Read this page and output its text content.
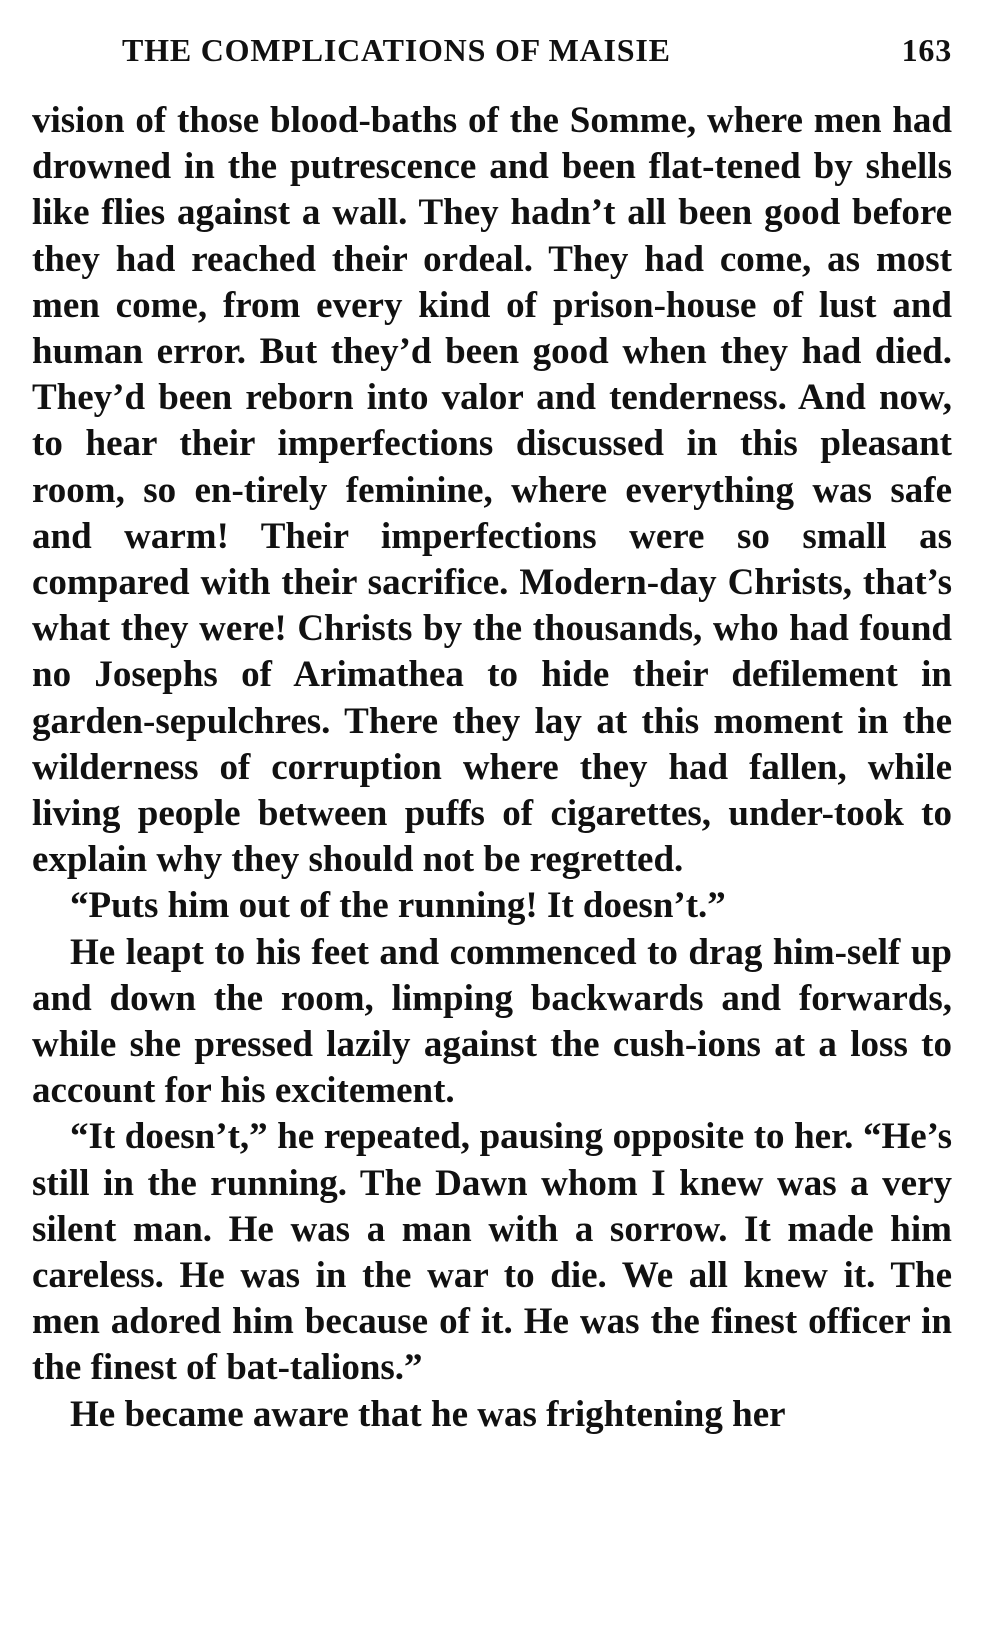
THE COMPLICATIONS OF MAISIE	163

vision of those blood-baths of the Somme, where men had drowned in the putrescence and been flat-tened by shells like flies against a wall. They hadn’t all been good before they had reached their ordeal. They had come, as most men come, from every kind of prison-house of lust and human error. But they’d been good when they had died. They’d been reborn into valor and tenderness. And now, to hear their imperfections discussed in this pleasant room, so en-tirely feminine, where everything was safe and warm! Their imperfections were so small as compared with their sacrifice. Modern-day Christs, that’s what they were! Christs by the thousands, who had found no Josephs of Arimathea to hide their defilement in garden-sepulchres. There they lay at this moment in the wilderness of corruption where they had fallen, while living people between puffs of cigarettes, under-took to explain why they should not be regretted.

“Puts him out of the running! It doesn’t.”

He leapt to his feet and commenced to drag him-self up and down the room, limping backwards and forwards, while she pressed lazily against the cush-ions at a loss to account for his excitement.

“It doesn’t,” he repeated, pausing opposite to her. “He’s still in the running. The Dawn whom I knew was a very silent man. He was a man with a sorrow. It made him careless. He was in the war to die. We all knew it. The men adored him because of it. He was the finest officer in the finest of bat-talions.”

He became aware that he was frightening her
